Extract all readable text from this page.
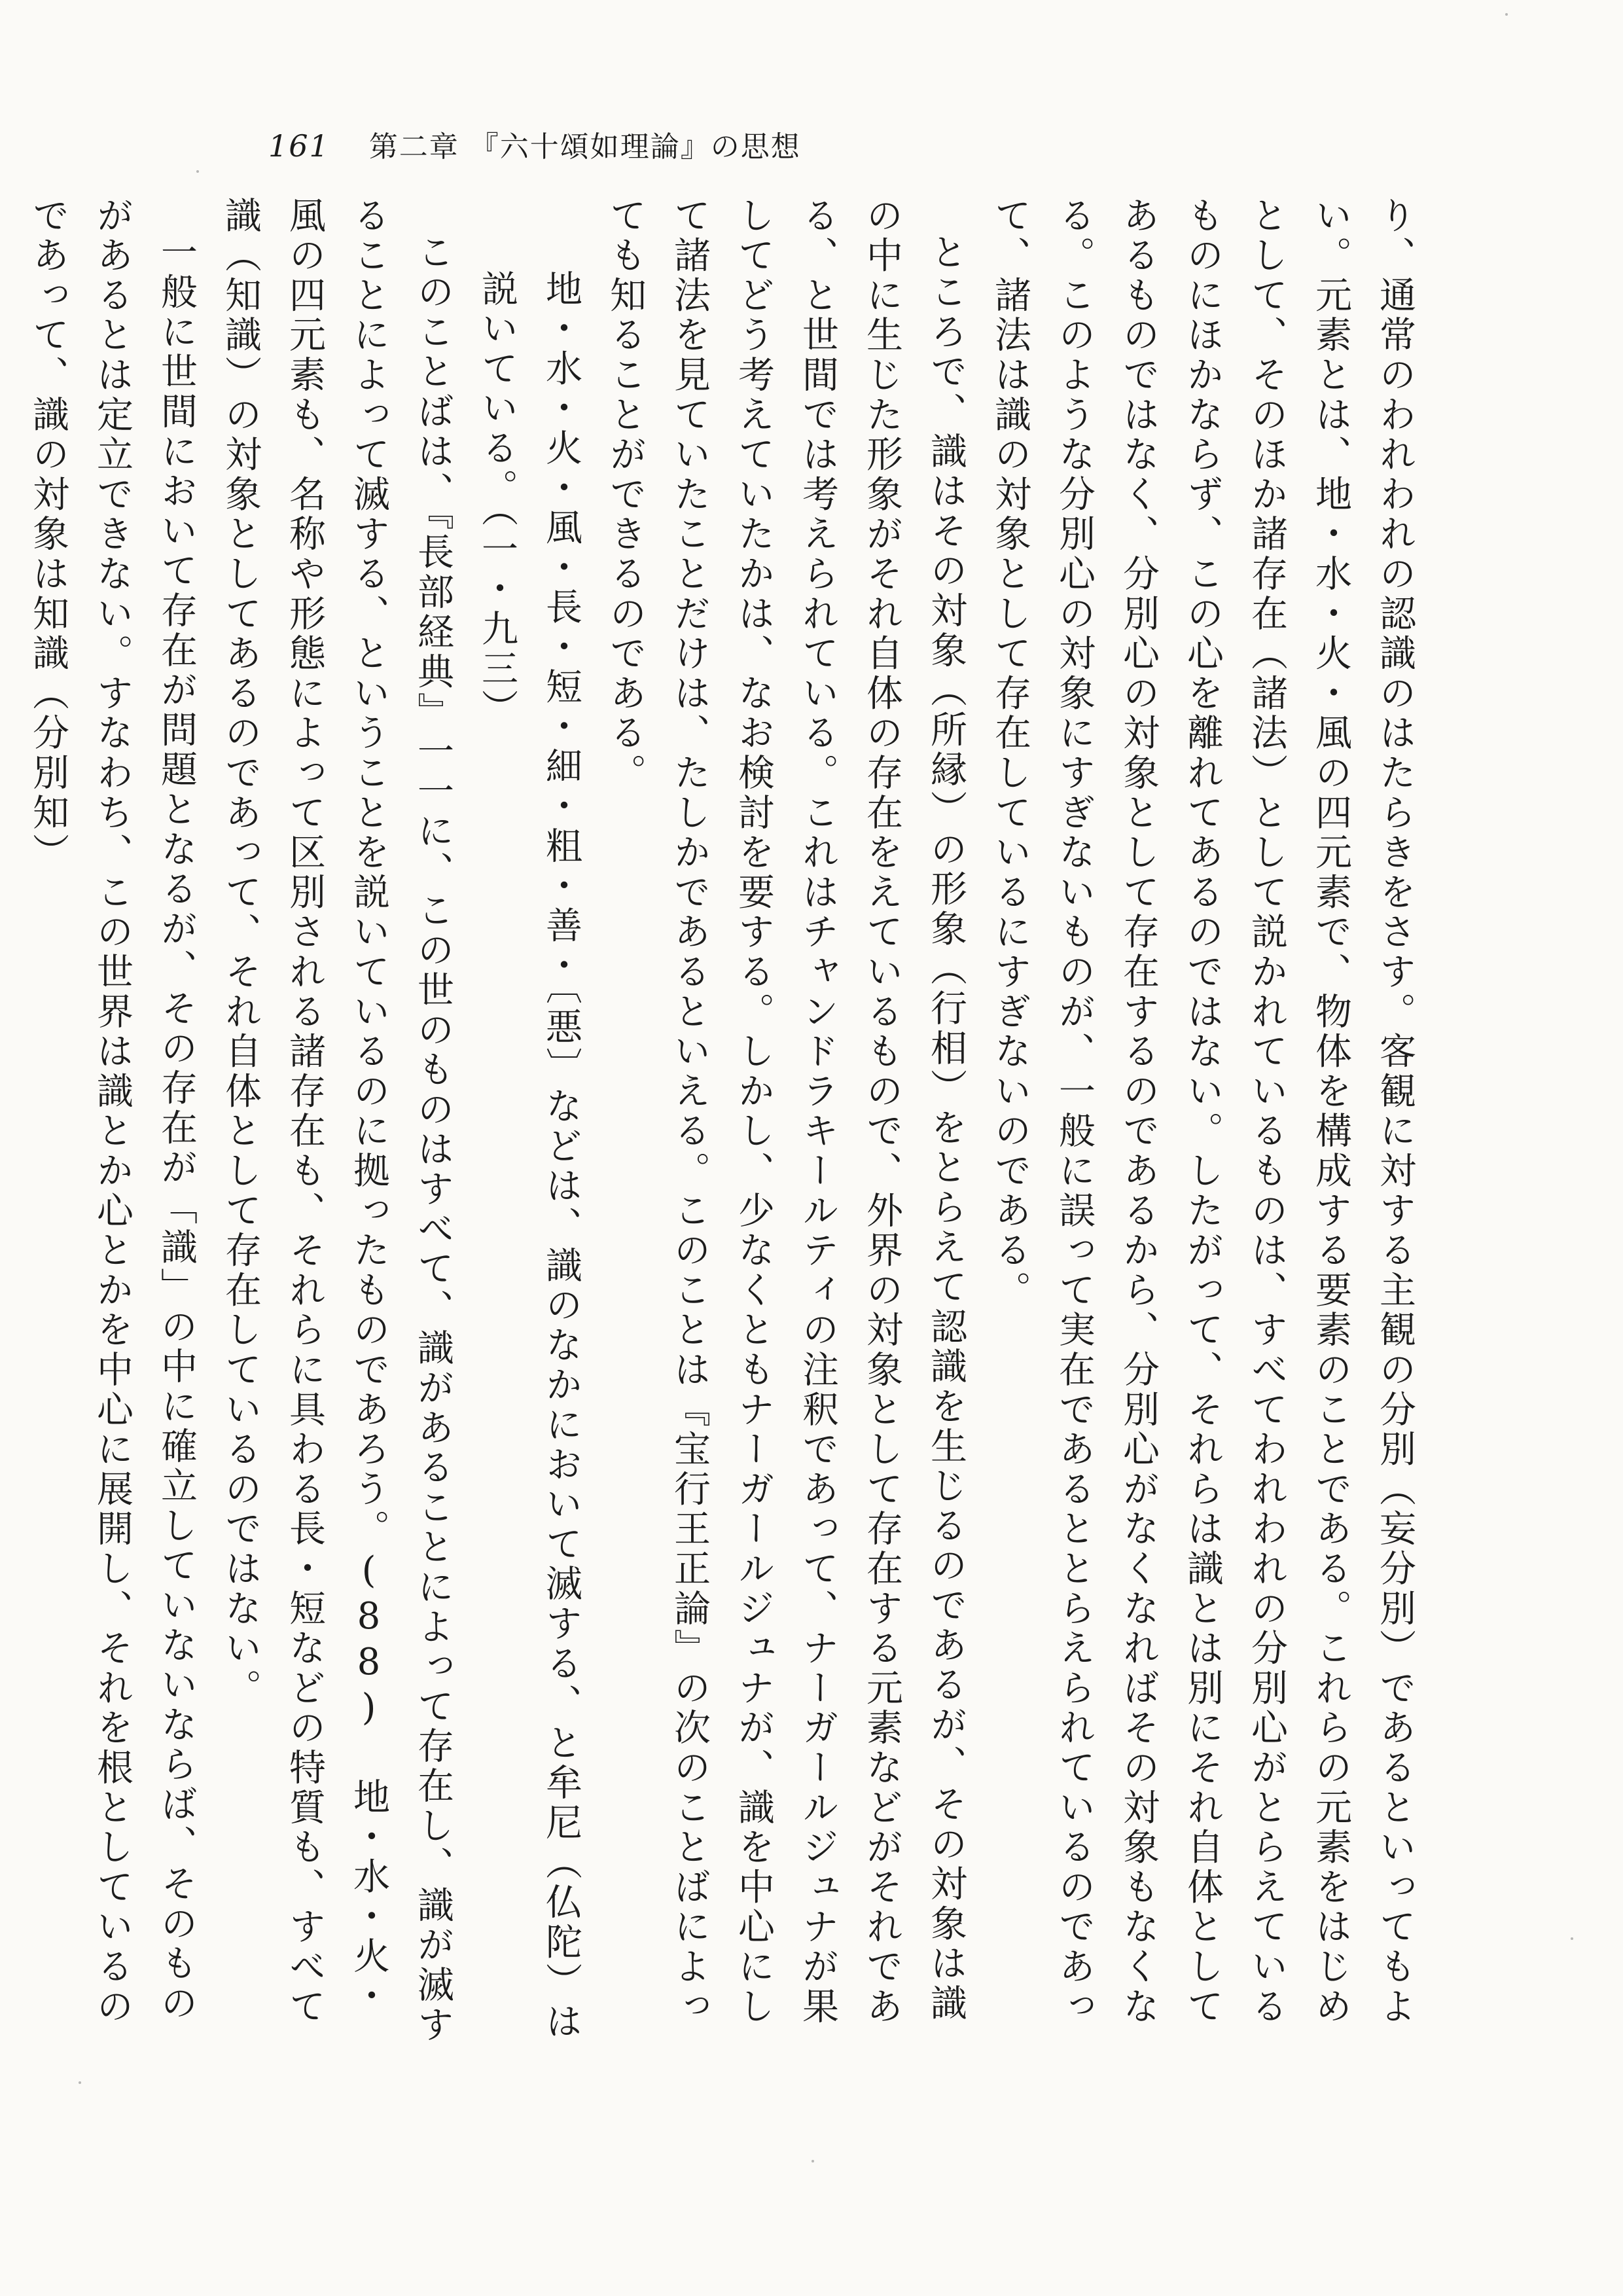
161 第二章 『六十頌如理論』の思想

り、通常のわれわれの認識のはたらきをさす。客観に対する主観の分別（妄分別）であるといってもよい。元素とは、地・水・火・風の四元素で、物体を構成する要素のことである。これらの元素をはじめとして、そのほか諸存在（諸法）として説かれているものは、すべてわれわれの分別心がとらえているものにほかならず、この心を離れてあるのではない。したがって、それらは識とは別にそれ自体としてあるものではなく、分別心の対象として存在するのであるから、分別心がなくなればその対象もなくなる。このような分別心の対象にすぎないものが、一般に誤って実在であるととらえられているのであって、諸法は識の対象として存在しているにすぎないのである。

ところで、識はその対象（所縁）の形象（行相）をとらえて認識を生じるのであるが、その対象は識の中に生じた形象がそれ自体の存在をえているもので、外界の対象として存在する元素などがそれである、と世間では考えられている。これはチャンドラキールティの注釈であって、ナーガールジュナが果してどう考えていたかは、なお検討を要する。しかし、少なくともナーガールジュナが、識を中心にして諸法を見ていたことだけは、たしかであるといえる。このことは『宝行王正論』の次のことばによっても知ることができるのである。

地・水・火・風・長・短・細・粗・善・〔悪〕などは、識のなかにおいて滅する、と牟尼（仏陀）は説いている。（一・九三）

このことばは、『長部経典』一一に、この世のものはすべて、識があることによって存在し、識が滅することによって滅する、ということを説いているのに拠ったものであろう。(88) 地・水・火・風の四元素も、名称や形態によって区別される諸存在も、それらに具わる長・短などの特質も、すべて識（知識）の対象としてあるのであって、それ自体として存在しているのではない。

一般に世間において存在が問題となるが、その存在が「識」の中に確立していないならば、そのものがあるとは定立できない。すなわち、この世界は識とか心とかを中心に展開し、それを根としているのであって、識の対象は知識（分別知）
